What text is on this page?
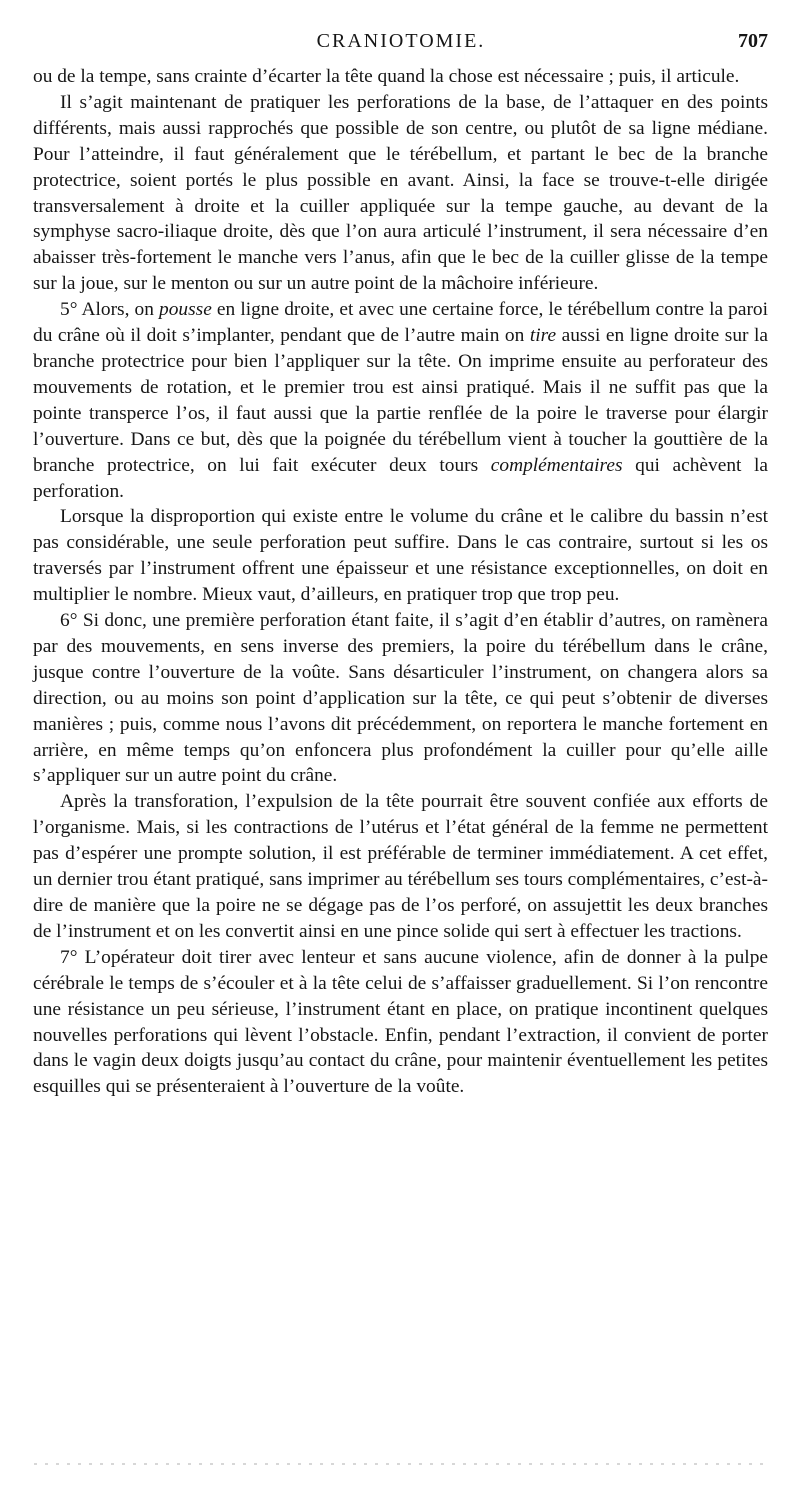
CRANIOTOMIE.	707

ou de la tempe, sans crainte d’écarter la tête quand la chose est nécessaire ; puis, il articule.

Il s’agit maintenant de pratiquer les perforations de la base, de l’attaquer en des points différents, mais aussi rapprochés que possible de son centre, ou plutôt de sa ligne médiane. Pour l’atteindre, il faut généralement que le térébellum, et partant le bec de la branche protectrice, soient portés le plus possible en avant. Ainsi, la face se trouve-t-elle dirigée transversalement à droite et la cuiller appliquée sur la tempe gauche, au devant de la symphyse sacro-iliaque droite, dès que l’on aura articulé l’instrument, il sera nécessaire d’en abaisser très-fortement le manche vers l’anus, afin que le bec de la cuiller glisse de la tempe sur la joue, sur le menton ou sur un autre point de la mâchoire inférieure.

5° Alors, on pousse en ligne droite, et avec une certaine force, le térébellum contre la paroi du crâne où il doit s’implanter, pendant que de l’autre main on tire aussi en ligne droite sur la branche protectrice pour bien l’appliquer sur la tête. On imprime ensuite au perforateur des mouvements de rotation, et le premier trou est ainsi pratiqué. Mais il ne suffit pas que la pointe transperce l’os, il faut aussi que la partie renflée de la poire le traverse pour élargir l’ouverture. Dans ce but, dès que la poignée du térébellum vient à toucher la gouttière de la branche protectrice, on lui fait exécuter deux tours complémentaires qui achèvent la perforation.

Lorsque la disproportion qui existe entre le volume du crâne et le calibre du bassin n’est pas considérable, une seule perforation peut suffire. Dans le cas contraire, surtout si les os traversés par l’instrument offrent une épaisseur et une résistance exceptionnelles, on doit en multiplier le nombre. Mieux vaut, d’ailleurs, en pratiquer trop que trop peu.

6° Si donc, une première perforation étant faite, il s’agit d’en établir d’autres, on ramènera par des mouvements, en sens inverse des premiers, la poire du térébellum dans le crâne, jusque contre l’ouverture de la voûte. Sans désarticuler l’instrument, on changera alors sa direction, ou au moins son point d’application sur la tête, ce qui peut s’obtenir de diverses manières ; puis, comme nous l’avons dit précédemment, on reportera le manche fortement en arrière, en même temps qu’on enfoncera plus profondément la cuiller pour qu’elle aille s’appliquer sur un autre point du crâne.

Après la transforation, l’expulsion de la tête pourrait être souvent confiée aux efforts de l’organisme. Mais, si les contractions de l’utérus et l’état général de la femme ne permettent pas d’espérer une prompte solution, il est préférable de terminer immédiatement. A cet effet, un dernier trou étant pratiqué, sans imprimer au térébellum ses tours complémentaires, c’est-à-dire de manière que la poire ne se dégage pas de l’os perforé, on assujettit les deux branches de l’instrument et on les convertit ainsi en une pince solide qui sert à effectuer les tractions.

7° L’opérateur doit tirer avec lenteur et sans aucune violence, afin de donner à la pulpe cérébrale le temps de s’écouler et à la tête celui de s’affaisser graduellement. Si l’on rencontre une résistance un peu sérieuse, l’instrument étant en place, on pratique incontinent quelques nouvelles perforations qui lèvent l’obstacle. Enfin, pendant l’extraction, il convient de porter dans le vagin deux doigts jusqu’au contact du crâne, pour maintenir éventuellement les petites esquilles qui se présenteraient à l’ouverture de la voûte.
